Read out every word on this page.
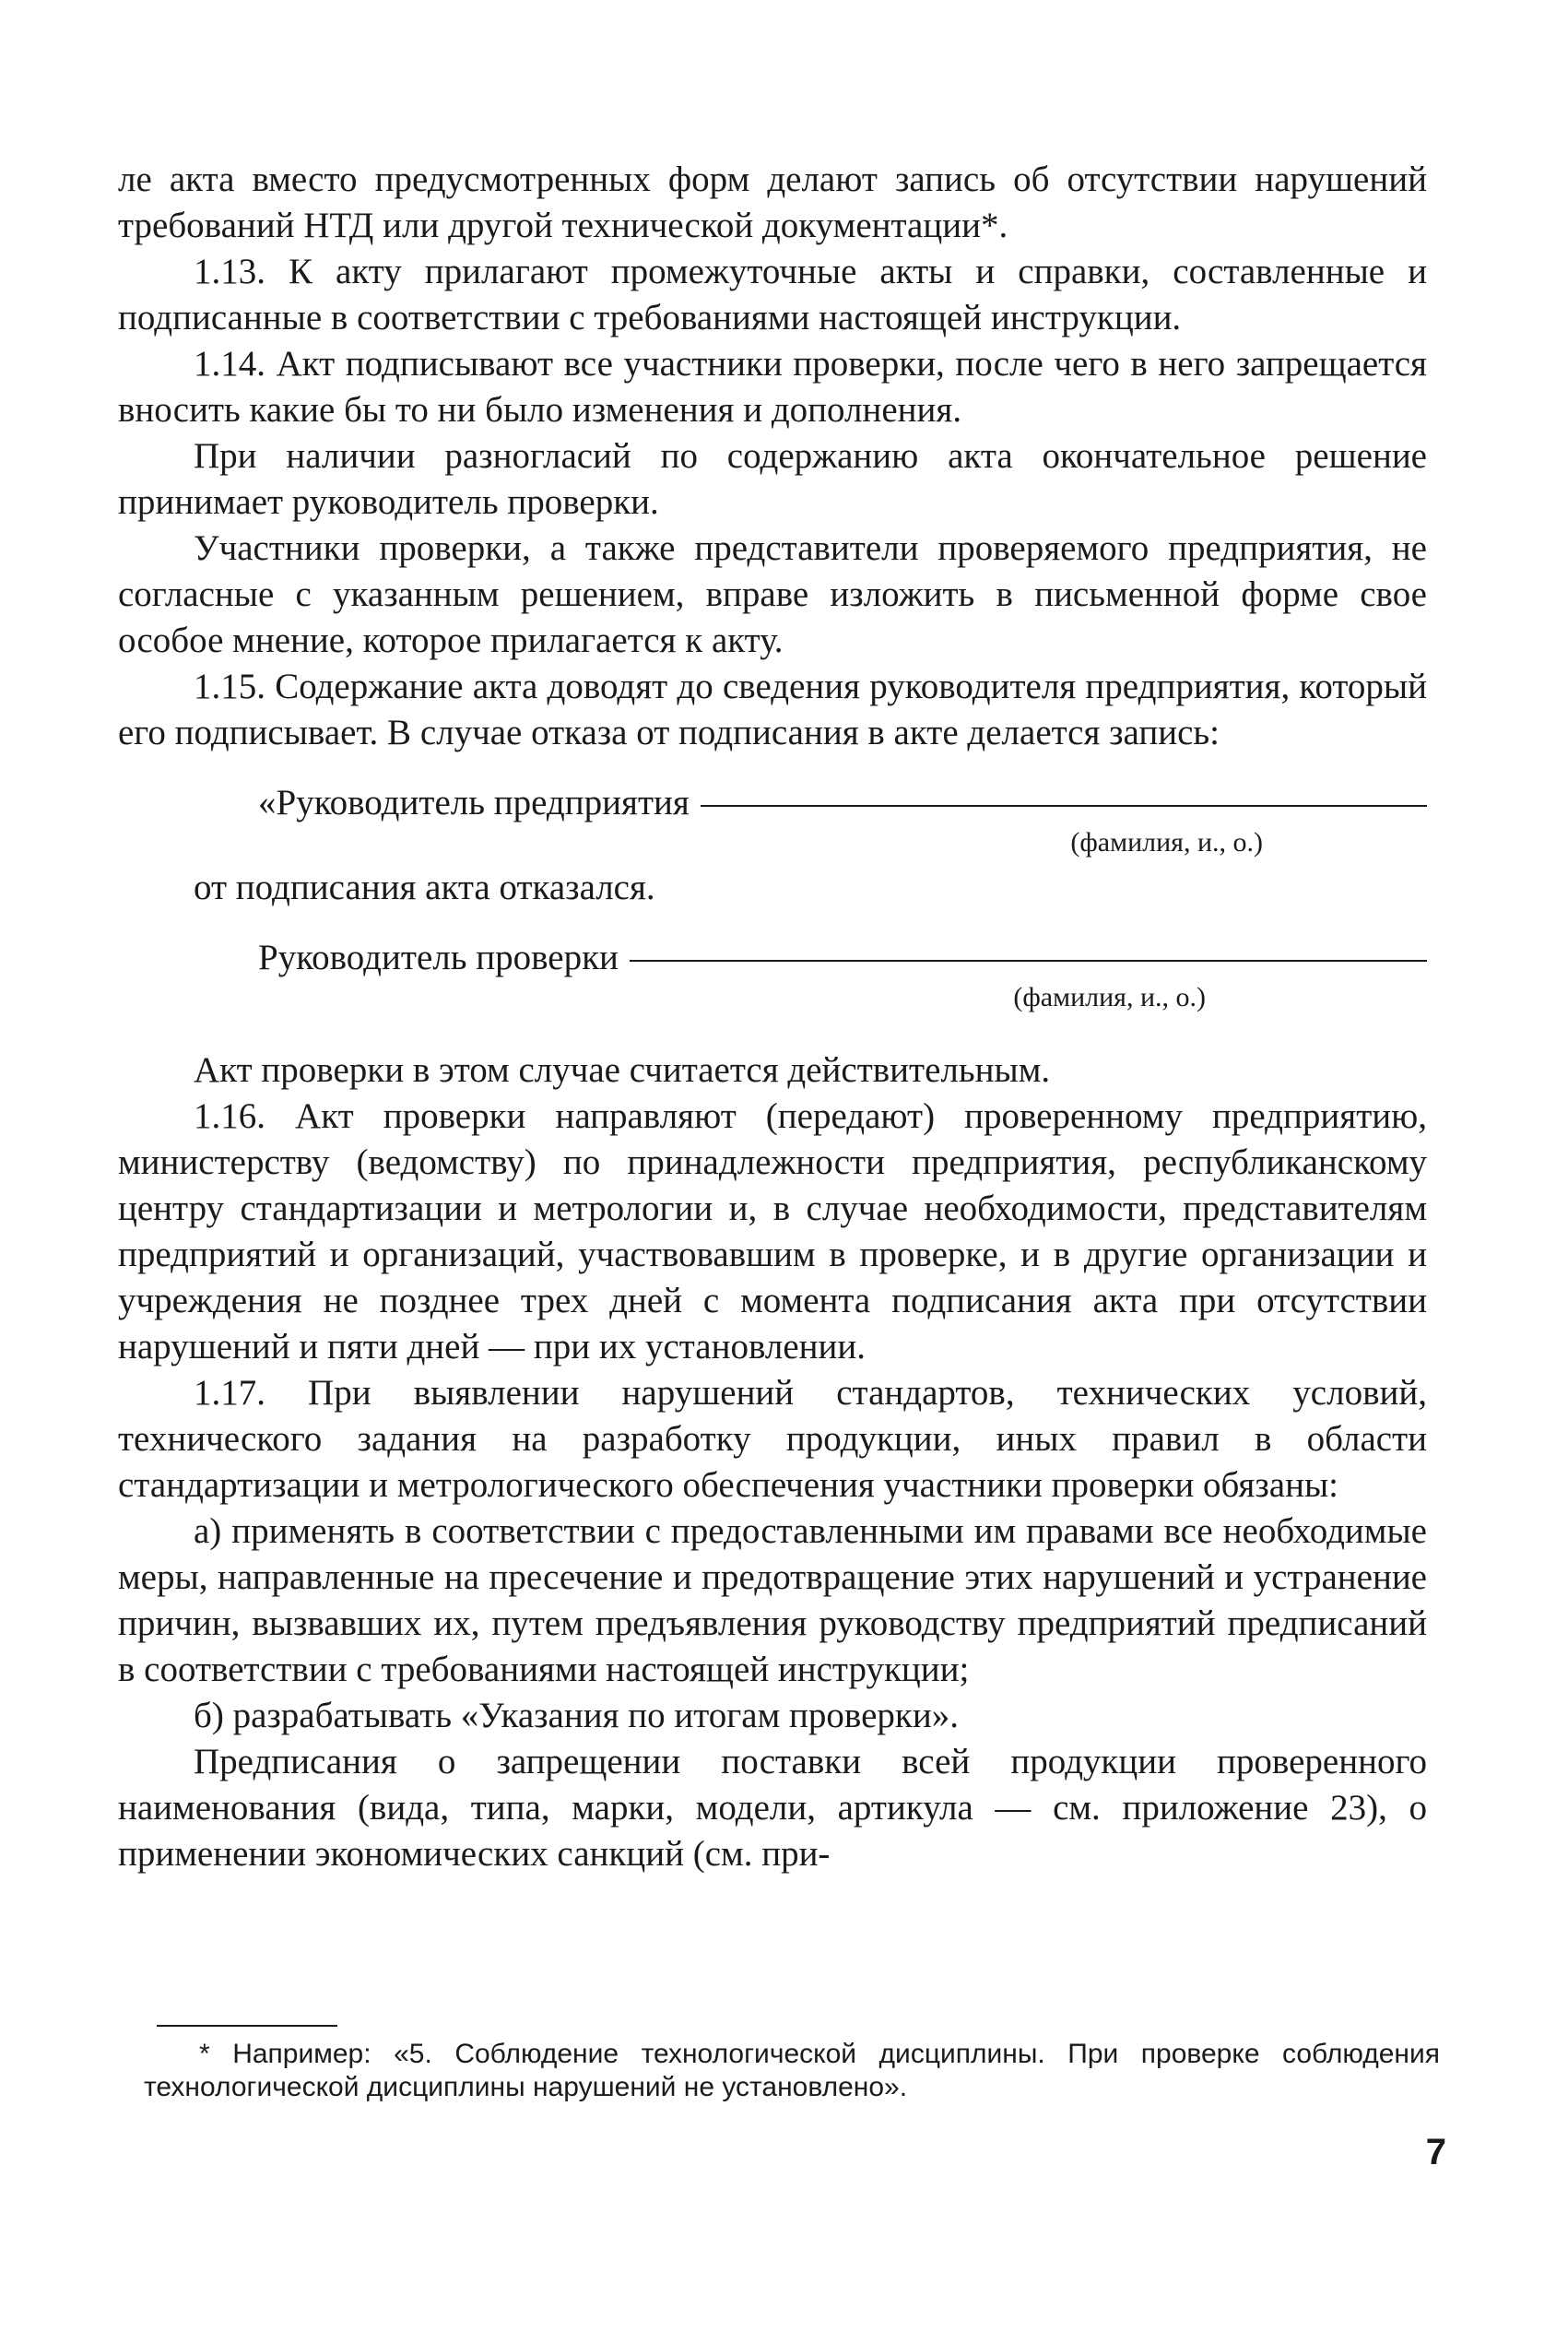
ле акта вместо предусмотренных форм делают запись об отсутствии нарушений требований НТД или другой технической документации*.

1.13. К акту прилагают промежуточные акты и справки, составленные и подписанные в соответствии с требованиями настоящей инструкции.

1.14. Акт подписывают все участники проверки, после чего в него запрещается вносить какие бы то ни было изменения и дополнения.

При наличии разногласий по содержанию акта окончательное решение принимает руководитель проверки.

Участники проверки, а также представители проверяемого предприятия, не согласные с указанным решением, вправе изложить в письменной форме свое особое мнение, которое прилагается к акту.

1.15. Содержание акта доводят до сведения руководителя предприятия, который его подписывает. В случае отказа от подписания в акте делается запись:

«Руководитель предприятия
(фамилия, и., о.)

от подписания акта отказался.

Руководитель проверки
(фамилия, и., о.)

Акт проверки в этом случае считается действительным.

1.16. Акт проверки направляют (передают) проверенному предприятию, министерству (ведомству) по принадлежности предприятия, республиканскому центру стандартизации и метрологии и, в случае необходимости, представителям предприятий и организаций, участвовавшим в проверке, и в другие организации и учреждения не позднее трех дней с момента подписания акта при отсутствии нарушений и пяти дней — при их установлении.

1.17. При выявлении нарушений стандартов, технических условий, технического задания на разработку продукции, иных правил в области стандартизации и метрологического обеспечения участники проверки обязаны:

а) применять в соответствии с предоставленными им правами все необходимые меры, направленные на пресечение и предотвращение этих нарушений и устранение причин, вызвавших их, путем предъявления руководству предприятий предписаний в соответствии с требованиями настоящей инструкции;

б) разрабатывать «Указания по итогам проверки».

Предписания о запрещении поставки всей продукции проверенного наименования (вида, типа, марки, модели, артикула — см. приложение 23), о применении экономических санкций (см. при-

* Например: «5. Соблюдение технологической дисциплины. При проверке соблюдения технологической дисциплины нарушений не установлено».
7
